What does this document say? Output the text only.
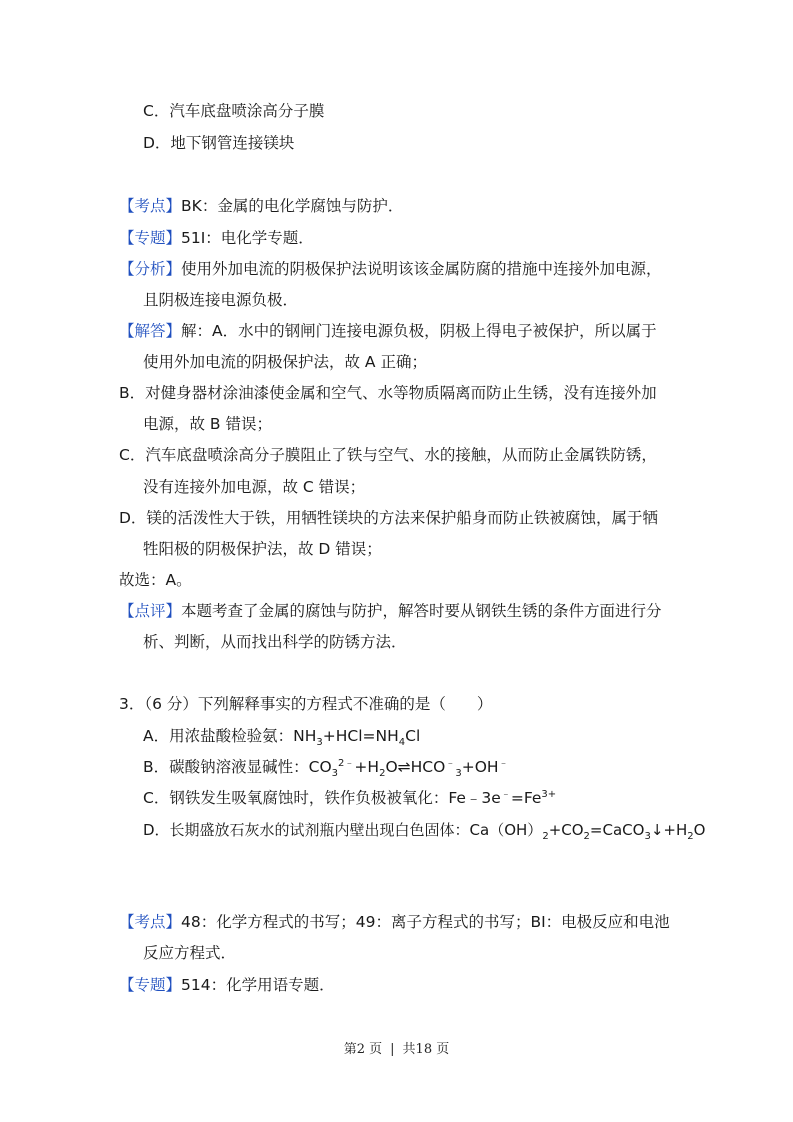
C．汽车底盘喷涂高分子膜
D．地下钢管连接镁块
【考点】BK：金属的电化学腐蚀与防护．
【专题】51I：电化学专题．
【分析】使用外加电流的阴极保护法说明该该金属防腐的措施中连接外加电源，
且阴极连接电源负极．
【解答】解：A．水中的钢闸门连接电源负极，阴极上得电子被保护，所以属于
使用外加电流的阴极保护法，故 A 正确；
B．对健身器材涂油漆使金属和空气、水等物质隔离而防止生锈，没有连接外加
电源，故 B 错误；
C．汽车底盘喷涂高分子膜阻止了铁与空气、水的接触，从而防止金属铁防锈，
没有连接外加电源，故 C 错误；
D．镁的活泼性大于铁，用牺牲镁块的方法来保护船身而防止铁被腐蚀，属于牺
牲阳极的阴极保护法，故 D 错误；
故选：A。
【点评】本题考查了金属的腐蚀与防护，解答时要从钢铁生锈的条件方面进行分
析、判断，从而找出科学的防锈方法．
3．（6 分）下列解释事实的方程式不准确的是（　　）
A．用浓盐酸检验氨：$NH_3+HCl=NH_4Cl$
B．碳酸钠溶液显碱性：$CO_3^{2﹣}+H_2O\rightleftharpoons HCO^﹣_3+OH^﹣$
C．钢铁发生吸氧腐蚀时，铁作负极被氧化：$Fe﹣3e^﹣=Fe^{3+}$
D．长期盛放石灰水的试剂瓶内壁出现白色固体：$Ca(OH)_2+CO_2=CaCO_3↓+H_2O$
【考点】48：化学方程式的书写；49：离子方程式的书写；BI：电极反应和电池
反应方程式．
【专题】514：化学用语专题．
第2 页 | 共18 页
